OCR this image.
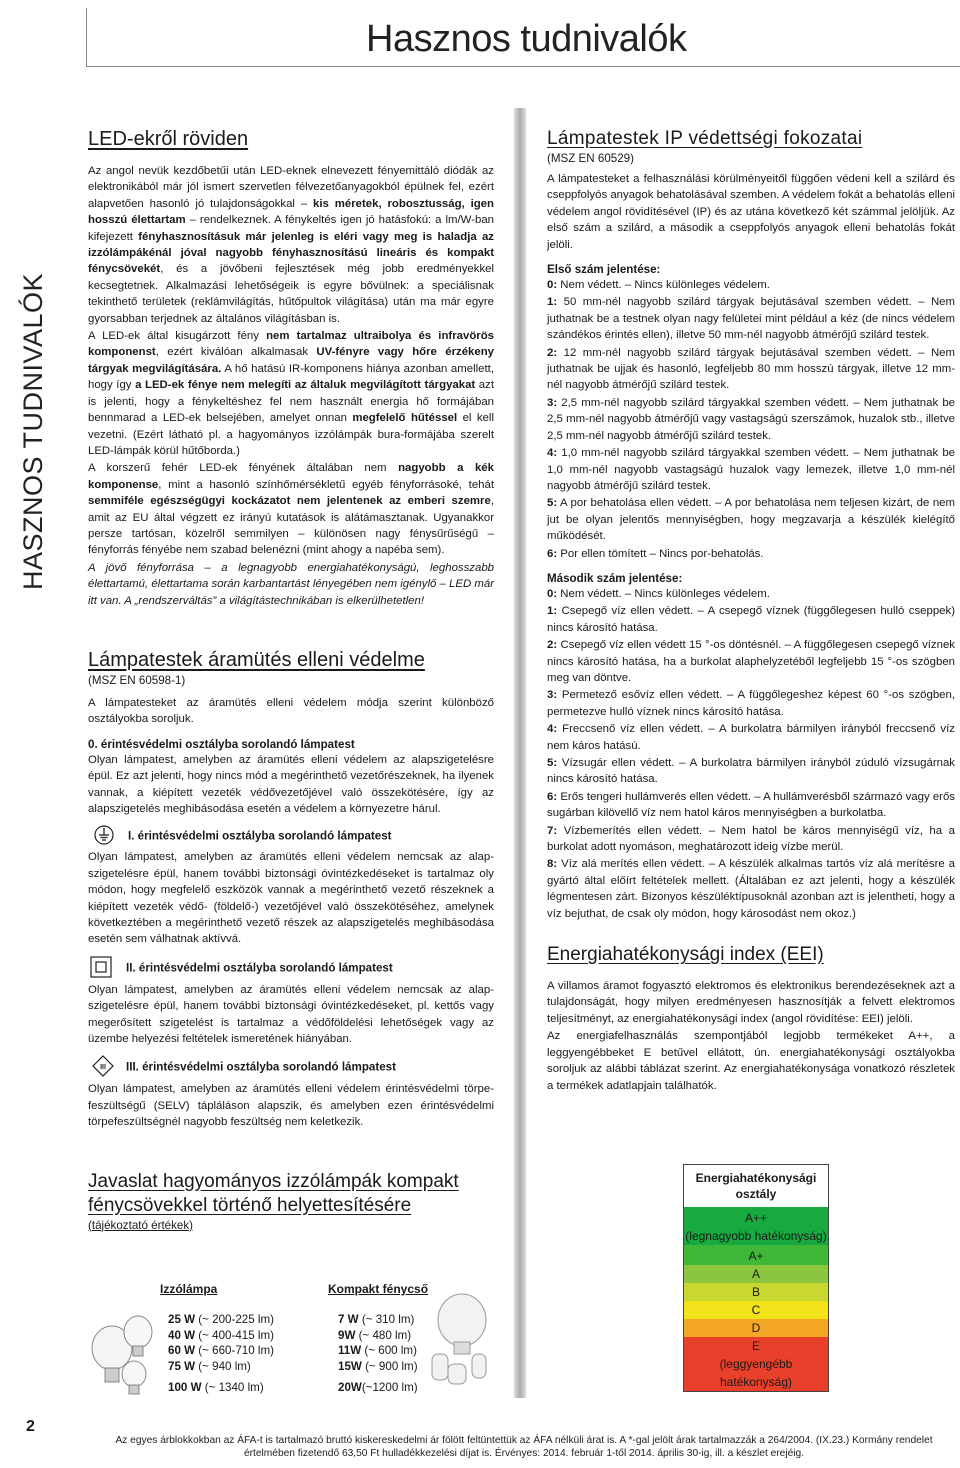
Hasznos tudnivalók
HASZNOS TUDNIVALÓK
LED-ekről röviden

Az angol nevük kezdőbetűi után LED-eknek elnevezett fényemittáló diódák az elektronikából már jól ismert szervetlen félvezetőanyagokból épülnek fel, ezért alapvetően hasonló jó tulajdonságokkal – kis méretek, robosztusság, igen hosszú élettartam – rendelkeznek. A fénykeltés igen jó hatásfokú: a lm/W-ban kifejezett fényhasznosításuk már jelenleg is eléri vagy meg is haladja az izzólámpákénál jóval nagyobb fényhasznosítású lineáris és kompakt fénycsövekét, és a jövőbeni fejlesztések még jobb eredményekkel kecsegtetnek. Alkalmazási lehetőségeik is egyre bővülnek: a speciálisnak tekinthető területek (reklámvilágítás, hűtőpultok világítása) után ma már egyre gyorsabban terjednek az általános világításban is.

A LED-ek által kisugárzott fény nem tartalmaz ultraibolya és infravörös komponenst, ezért kiválóan alkalmasak UV-fényre vagy hőre érzékeny tárgyak megvilágítására. A hő hatású IR-komponens hiánya azonban amellett, hogy így a LED-ek fénye nem melegíti az általuk megvilágított tárgyakat azt is jelenti, hogy a fénykeltéshez fel nem használt energia hő formájában bennmarad a LED-ek belsejében, amelyet onnan megfelelő hűtéssel el kell vezetni. (Ezért látható pl. a hagyományos izzólámpák bura-formájába szerelt LED-lámpák körül hűtőborda.)

A korszerű fehér LED-ek fényének általában nem nagyobb a kék komponense, mint a hasonló színhőmérsékletű egyéb fényforrásoké, tehát semmiféle egészségügyi kockázatot nem jelentenek az emberi szemre, amit az EU által végzett ez irányú kutatások is alátámasztanak. Ugyanakkor persze tartósan, közelről semmilyen – különösen nagy fénysűrűségű – fényforrás fényébe nem szabad belenézni (mint ahogy a napéba sem).

A jövő fényforrása – a legnagyobb energiahatékonyságú, leghosszabb élettartamú, élettartama során karbantartást lényegében nem igénylő – LED már itt van. A „rendszerváltás” a világítástechnikában is elkerülhetetlen!

Lámpatestek áramütés elleni védelme
(MSZ EN 60598-1)

A lámpatesteket az áramütés elleni védelem módja szerint különböző osztályokba soroljuk.

0. érintésvédelmi osztályba sorolandó lámpatest

Olyan lámpatest, amelyben az áramütés elleni védelem az alapszigetelésre épül. Ez azt jelenti, hogy nincs mód a megérinthető vezetőrészeknek, ha ilyenek vannak, a kiépített vezeték védővezetőjével való összekötésére, így az alapszigetelés meghibásodása esetén a védelem a környezetre hárul.

I. érintésvédelmi osztályba sorolandó lámpatest

Olyan lámpatest, amelyben az áramütés elleni védelem nemcsak az alap-szigetelésre épül, hanem további biztonsági óvintézkedéseket is tartalmaz oly módon, hogy megfelelő eszközök vannak a megérinthető vezető részeknek a kiépített vezeték védő- (földelő-) vezetőjével való összekötéséhez, amelynek következtében a megérinthető vezető részek az alapszigetelés meghibásodása esetén sem válhatnak aktívvá.

II. érintésvédelmi osztályba sorolandó lámpatest

Olyan lámpatest, amelyben az áramütés elleni védelem nemcsak az alap-szigetelésre épül, hanem további biztonsági óvintézkedéseket, pl. kettős vagy megerősített szigetelést is tartalmaz a védőföldelési lehetőségek vagy az üzembe helyezési feltételek ismeretének hiányában.

III III. érintésvédelmi osztályba sorolandó lámpatest

Olyan lámpatest, amelyben az áramütés elleni védelem érintésvédelmi törpe-feszültségű (SELV) tápláláson alapszik, és amelyben ezen érintésvédelmi törpefeszültségnél nagyobb feszültség nem keletkezik.

Javaslat hagyományos izzólámpák kompakt
fénycsövekkel történő helyettesítésére
(tájékoztató értékek)
Izzólámpa	Kompakt fénycső
25 W (~ 200-225 lm)	7 W (~ 310 lm)
40 W (~ 400-415 lm)	9W (~ 480 lm)
60 W (~ 660-710 lm)	11W (~ 600 lm)
75 W (~ 940 lm)	15W (~ 900 lm)
100 W (~ 1340 lm)	20W(~1200 lm)
Lámpatestek IP védettségi fokozatai
(MSZ EN 60529)

A lámpatesteket a felhasználási körülményeitől függően védeni kell a szilárd és cseppfolyós anyagok behatolásával szemben. A védelem fokát a behatolás elleni védelem angol rövidítésével (IP) és az utána következő két számmal jelöljük. Az első szám a szilárd, a második a cseppfolyós anyagok elleni behatolás fokát jelöli.

Első szám jelentése:

0: Nem védett. – Nincs különleges védelem.

1: 50 mm-nél nagyobb szilárd tárgyak bejutásával szemben védett. – Nem juthatnak be a testnek olyan nagy felületei mint például a kéz (de nincs védelem szándékos érintés ellen), illetve 50 mm-nél nagyobb átmérőjű szilárd testek.

2: 12 mm-nél nagyobb szilárd tárgyak bejutásával szemben védett. – Nem juthatnak be ujjak és hasonló, legfeljebb 80 mm hosszú tárgyak, illetve 12 mm-nél nagyobb átmérőjű szilárd testek.

3: 2,5 mm-nél nagyobb szilárd tárgyakkal szemben védett. – Nem juthatnak be 2,5 mm-nél nagyobb átmérőjű vagy vastagságú szerszámok, huzalok stb., illetve 2,5 mm-nél nagyobb átmérőjű szilárd testek.

4: 1,0 mm-nél nagyobb szilárd tárgyakkal szemben védett. – Nem juthatnak be 1,0 mm-nél nagyobb vastagságú huzalok vagy lemezek, illetve 1,0 mm-nél nagyobb átmérőjű szilárd testek.

5: A por behatolása ellen védett. – A por behatolása nem teljesen kizárt, de nem jut be olyan jelentős mennyiségben, hogy megzavarja a készülék kielégítő működését.

6: Por ellen tömített – Nincs por-behatolás.

Második szám jelentése:

0: Nem védett. – Nincs különleges védelem.

1: Csepegő víz ellen védett. – A csepegő víznek (függőlegesen hulló cseppek) nincs károsító hatása.

2: Csepegő víz ellen védett 15 °-os döntésnél. – A függőlegesen csepegő víznek nincs károsító hatása, ha a burkolat alaphelyzetéből legfeljebb 15 °-os szögben meg van döntve.

3: Permetező esővíz ellen védett. – A függőlegeshez képest 60 °-os szögben, permetezve hulló víznek nincs károsító hatása.

4: Freccsenő víz ellen védett. – A burkolatra bármilyen irányból freccsenő víz nem káros hatású.

5: Vízsugár ellen védett. – A burkolatra bármilyen irányból zúduló vízsugárnak nincs károsító hatása.

6: Erős tengeri hullámverés ellen védett. – A hullámverésből származó vagy erős sugárban kilövellő víz nem hatol káros mennyiségben a burkolatba.

7: Vízbemerítés ellen védett. – Nem hatol be káros mennyiségű víz, ha a burkolat adott nyomáson, meghatározott ideig vízbe merül.

8: Víz alá merítés ellen védett. – A készülék alkalmas tartós víz alá merítésre a gyártó által előírt feltételek mellett. (Általában ez azt jelenti, hogy a készülék légmentesen zárt. Bizonyos készüléktípusoknál azonban azt is jelentheti, hogy a víz bejuthat, de csak oly módon, hogy károsodást nem okoz.)

Energiahatékonysági index (EEI)

A villamos áramot fogyasztó elektromos és elektronikus berendezéseknek azt a tulajdonságát, hogy milyen eredményesen hasznosítják a felvett elektromos teljesítményt, az energiahatékonysági index (angol rövidítése: EEI) jelöli.

Az energiafelhasználás szempontjából legjobb termékeket A++, a leggyengébbeket E betűvel ellátott, ún. energiahatékonysági osztályokba soroljuk az alábbi táblázat szerint. Az energiahatékonysága vonatkozó részletek a termékek adatlapjain találhatók.

Energiahatékonysági osztály
A++
(legnagyobb hatékonyság)
A+
A
B
C
D
E
(leggyengébb hatékonyság)
2
Az egyes árblokkokban az ÁFA-t is tartalmazó bruttó kiskereskedelmi ár fölött feltüntettük az ÁFA nélküli árat is. A *-gal jelölt árak tartalmazzák a 264/2004. (IX.23.) Kormány rendelet
értelmében fizetendő 63,50 Ft hulladékkezelési díjat is. Érvényes: 2014. február 1-től 2014. április 30-ig, ill. a készlet erejéig.
